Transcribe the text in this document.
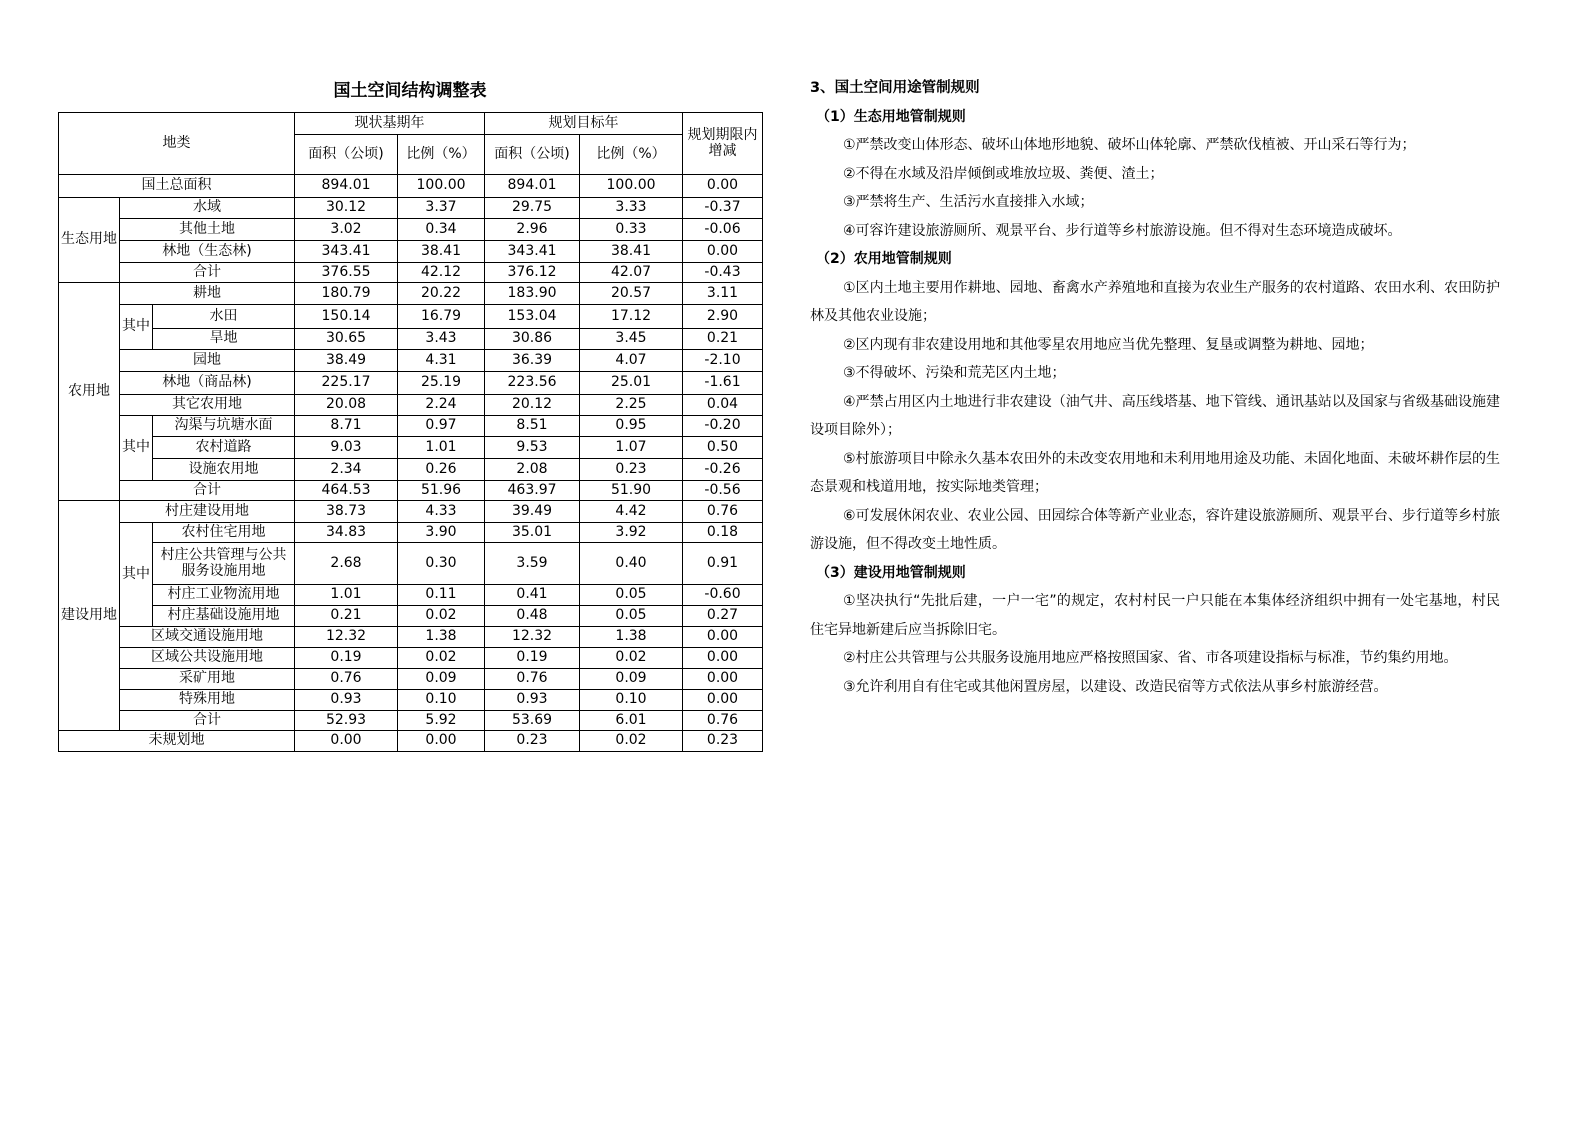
国土空间结构调整表
地类			现状基期年		规划目标年		规划期限内增减
			面积（公顷)	比例（%）	面积（公顷)	比例（%）	
国土总面积			894.01	100.00	894.01	100.00	0.00
生态用地	水域		30.12	3.37	29.75	3.33	-0.37
	其他土地		3.02	0.34	2.96	0.33	-0.06
	林地（生态林)		343.41	38.41	343.41	38.41	0.00
	合计		376.55	42.12	376.12	42.07	-0.43
农用地	耕地		180.79	20.22	183.90	20.57	3.11
	其中	水田	150.14	16.79	153.04	17.12	2.90
		旱地	30.65	3.43	30.86	3.45	0.21
	园地		38.49	4.31	36.39	4.07	-2.10
	林地（商品林)		225.17	25.19	223.56	25.01	-1.61
	其它农用地		20.08	2.24	20.12	2.25	0.04
	其中	沟渠与坑塘水面	8.71	0.97	8.51	0.95	-0.20
		农村道路	9.03	1.01	9.53	1.07	0.50
		设施农用地	2.34	0.26	2.08	0.23	-0.26
	合计		464.53	51.96	463.97	51.90	-0.56
建设用地	村庄建设用地		38.73	4.33	39.49	4.42	0.76
	其中	农村住宅用地	34.83	3.90	35.01	3.92	0.18
		村庄公共管理与公共服务设施用地	2.68	0.30	3.59	0.40	0.91
		村庄工业物流用地	1.01	0.11	0.41	0.05	-0.60
		村庄基础设施用地	0.21	0.02	0.48	0.05	0.27
	区域交通设施用地		12.32	1.38	12.32	1.38	0.00
	区域公共设施用地		0.19	0.02	0.19	0.02	0.00
	采矿用地		0.76	0.09	0.76	0.09	0.00
	特殊用地		0.93	0.10	0.93	0.10	0.00
	合计		52.93	5.92	53.69	6.01	0.76
未规划地			0.00	0.00	0.23	0.02	0.23
3、国土空间用途管制规则
（1）生态用地管制规则
①严禁改变山体形态、破坏山体地形地貌、破坏山体轮廓、严禁砍伐植被、开山采石等行为；
②不得在水域及沿岸倾倒或堆放垃圾、粪便、渣土；
③严禁将生产、生活污水直接排入水域；
④可容许建设旅游厕所、观景平台、步行道等乡村旅游设施。但不得对生态环境造成破坏。
（2）农用地管制规则
①区内土地主要用作耕地、园地、畜禽水产养殖地和直接为农业生产服务的农村道路、农田水利、农田防护林及其他农业设施；
②区内现有非农建设用地和其他零星农用地应当优先整理、复垦或调整为耕地、园地；
③不得破坏、污染和荒芜区内土地；
④严禁占用区内土地进行非农建设（油气井、高压线塔基、地下管线、通讯基站以及国家与省级基础设施建设项目除外）；
⑤村旅游项目中除永久基本农田外的未改变农用地和未利用地用途及功能、未固化地面、未破坏耕作层的生态景观和栈道用地，按实际地类管理；
⑥可发展休闲农业、农业公园、田园综合体等新产业业态，容许建设旅游厕所、观景平台、步行道等乡村旅游设施，但不得改变土地性质。
（3）建设用地管制规则
①坚决执行“先批后建，一户一宅”的规定，农村村民一户只能在本集体经济组织中拥有一处宅基地，村民住宅异地新建后应当拆除旧宅。
②村庄公共管理与公共服务设施用地应严格按照国家、省、市各项建设指标与标准，节约集约用地。
③允许利用自有住宅或其他闲置房屋，以建设、改造民宿等方式依法从事乡村旅游经营。
